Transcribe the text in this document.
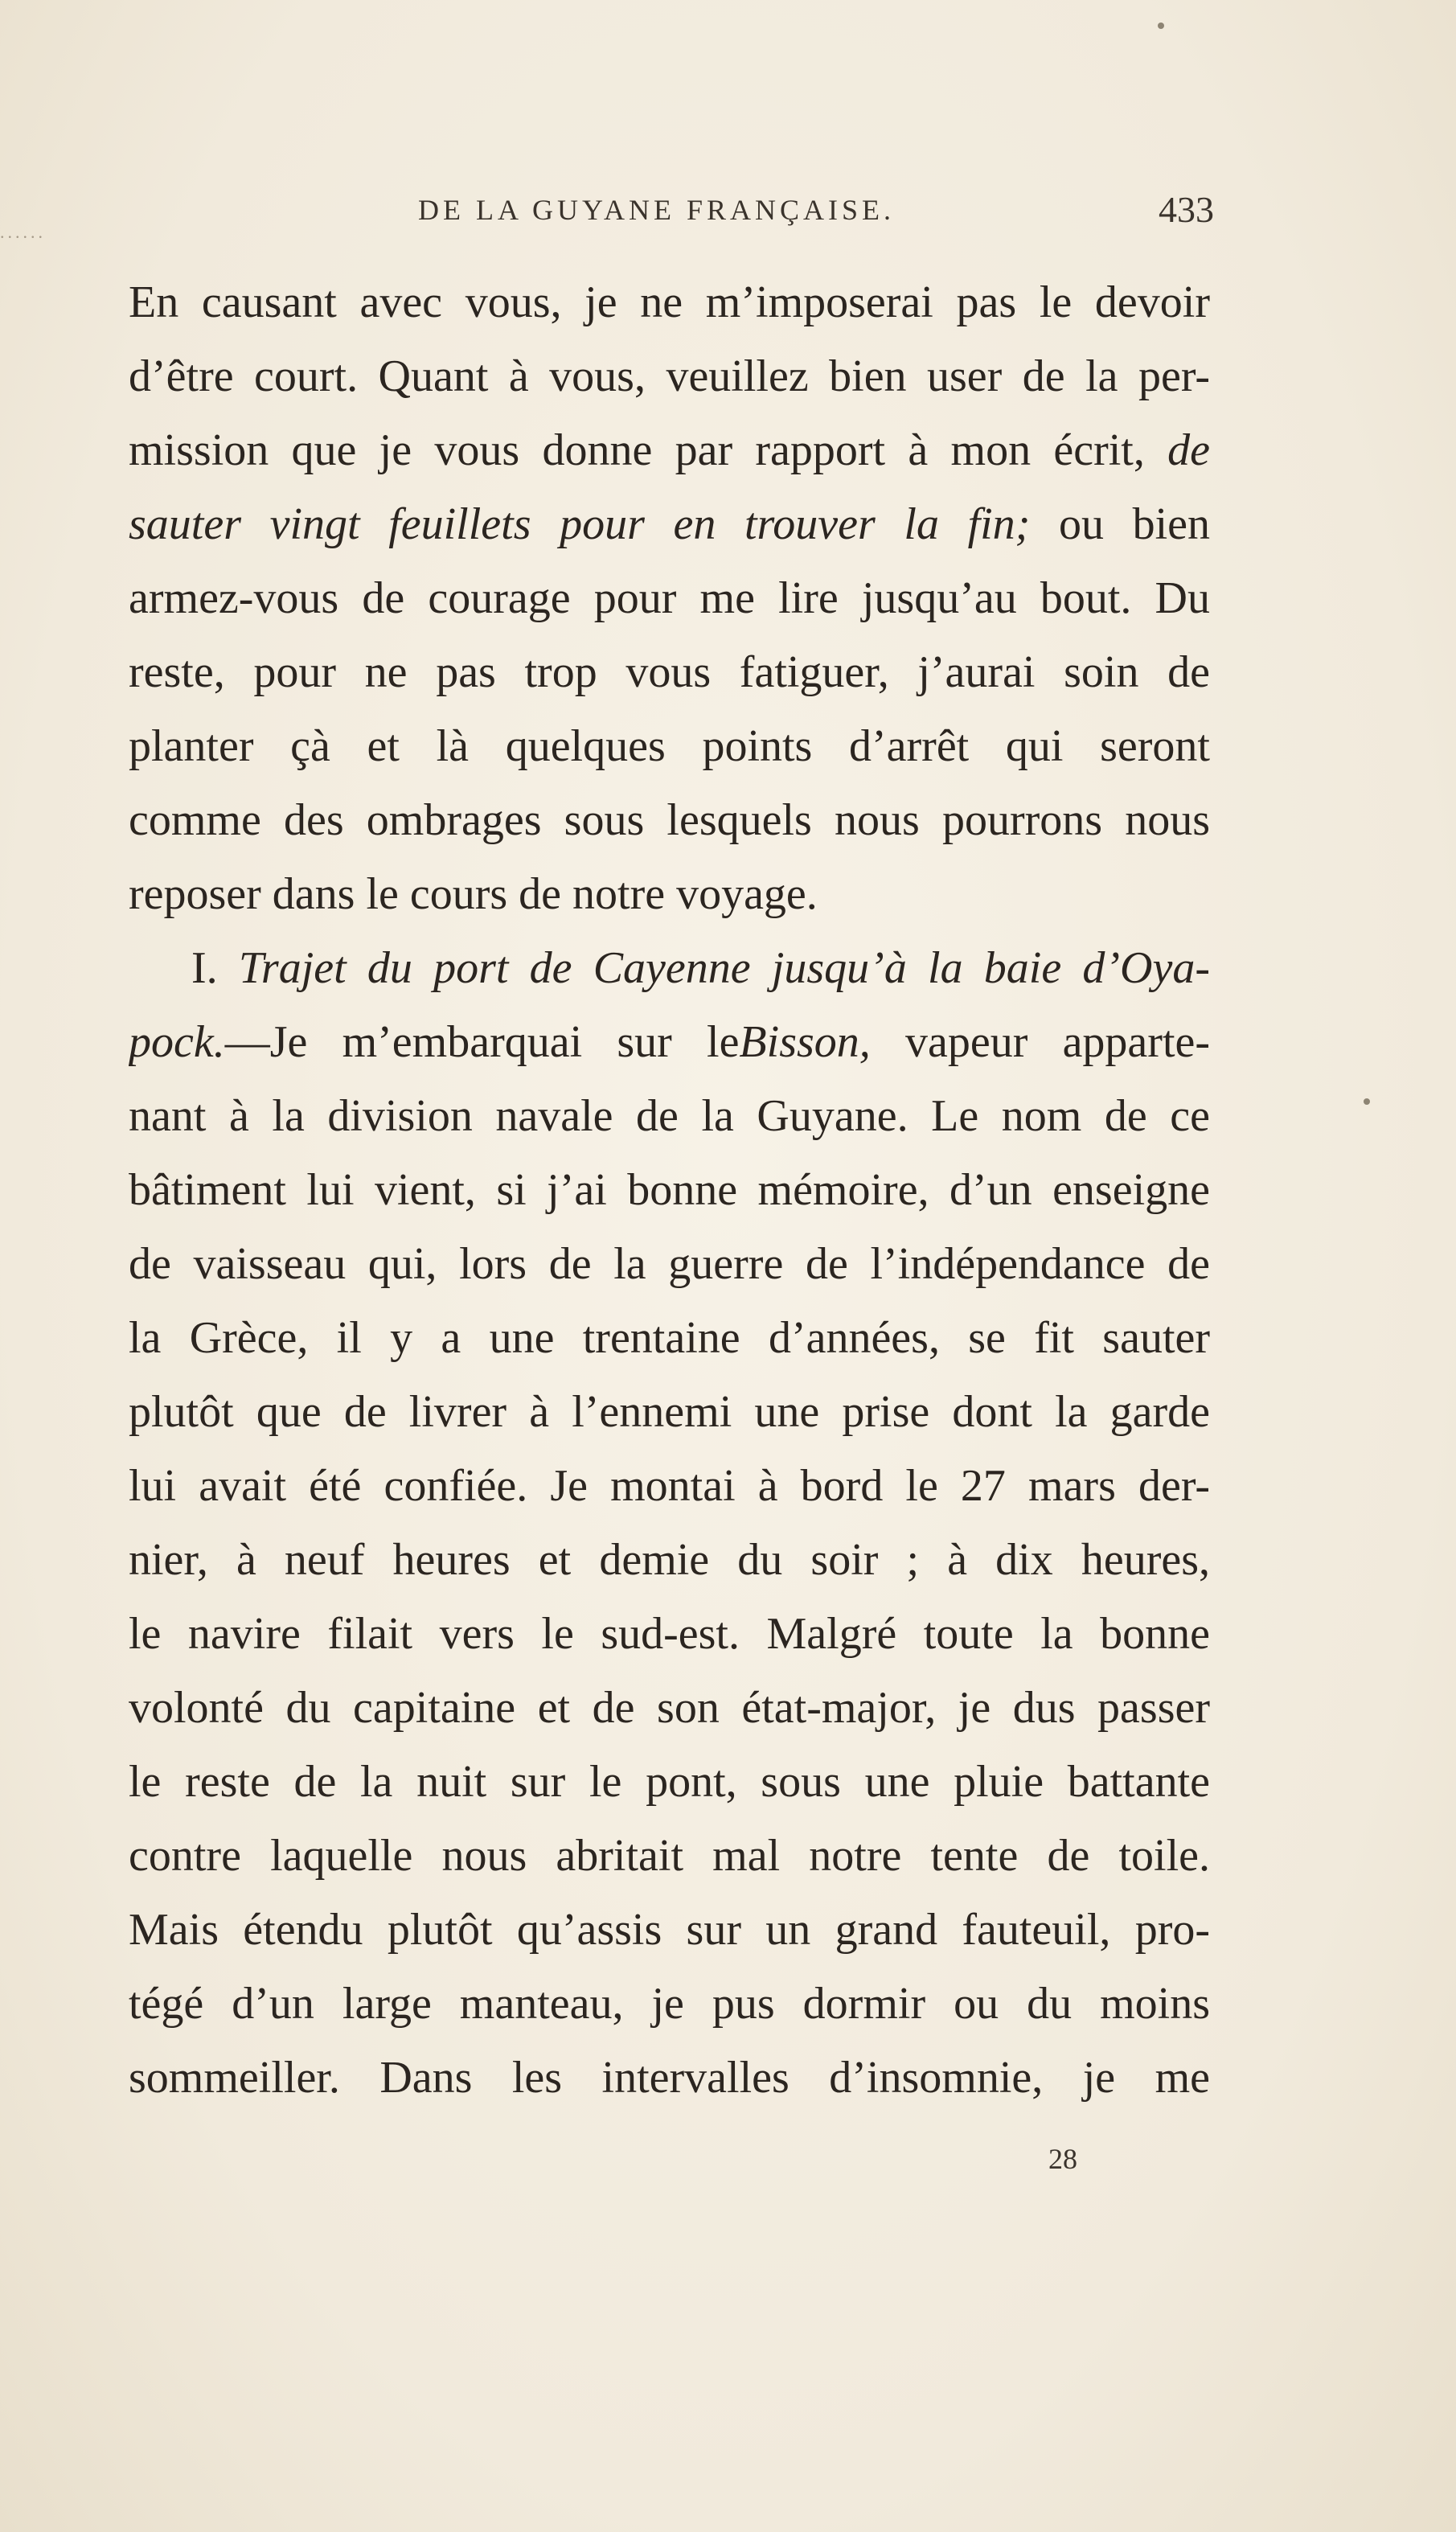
......
DE LA GUYANE FRANÇAISE.	433
En causant avec vous, je ne m’imposerai pas le devoir
d’être court. Quant à vous, veuillez bien user de la per-
mission que je vous donne par rapport à mon écrit, de
sauter vingt feuillets pour en trouver la fin; ou bien
armez-vous de courage pour me lire jusqu’au bout. Du
reste, pour ne pas trop vous fatiguer, j’aurai soin de
planter çà et là quelques points d’arrêt qui seront
comme des ombrages sous lesquels nous pourrons nous
reposer dans le cours de notre voyage.
I. Trajet du port de Cayenne jusqu’à la baie d’Oya-
pock.—Je m’embarquai sur leBisson, vapeur apparte-
nant à la division navale de la Guyane. Le nom de ce
bâtiment lui vient, si j’ai bonne mémoire, d’un enseigne
de vaisseau qui, lors de la guerre de l’indépendance de
la Grèce, il y a une trentaine d’années, se fit sauter
plutôt que de livrer à l’ennemi une prise dont la garde
lui avait été confiée. Je montai à bord le 27 mars der-
nier, à neuf heures et demie du soir ; à dix heures,
le navire filait vers le sud-est. Malgré toute la bonne
volonté du capitaine et de son état-major, je dus passer
le reste de la nuit sur le pont, sous une pluie battante
contre laquelle nous abritait mal notre tente de toile.
Mais étendu plutôt qu’assis sur un grand fauteuil, pro-
tégé d’un large manteau, je pus dormir ou du moins
sommeiller. Dans les intervalles d’insomnie, je me
28
